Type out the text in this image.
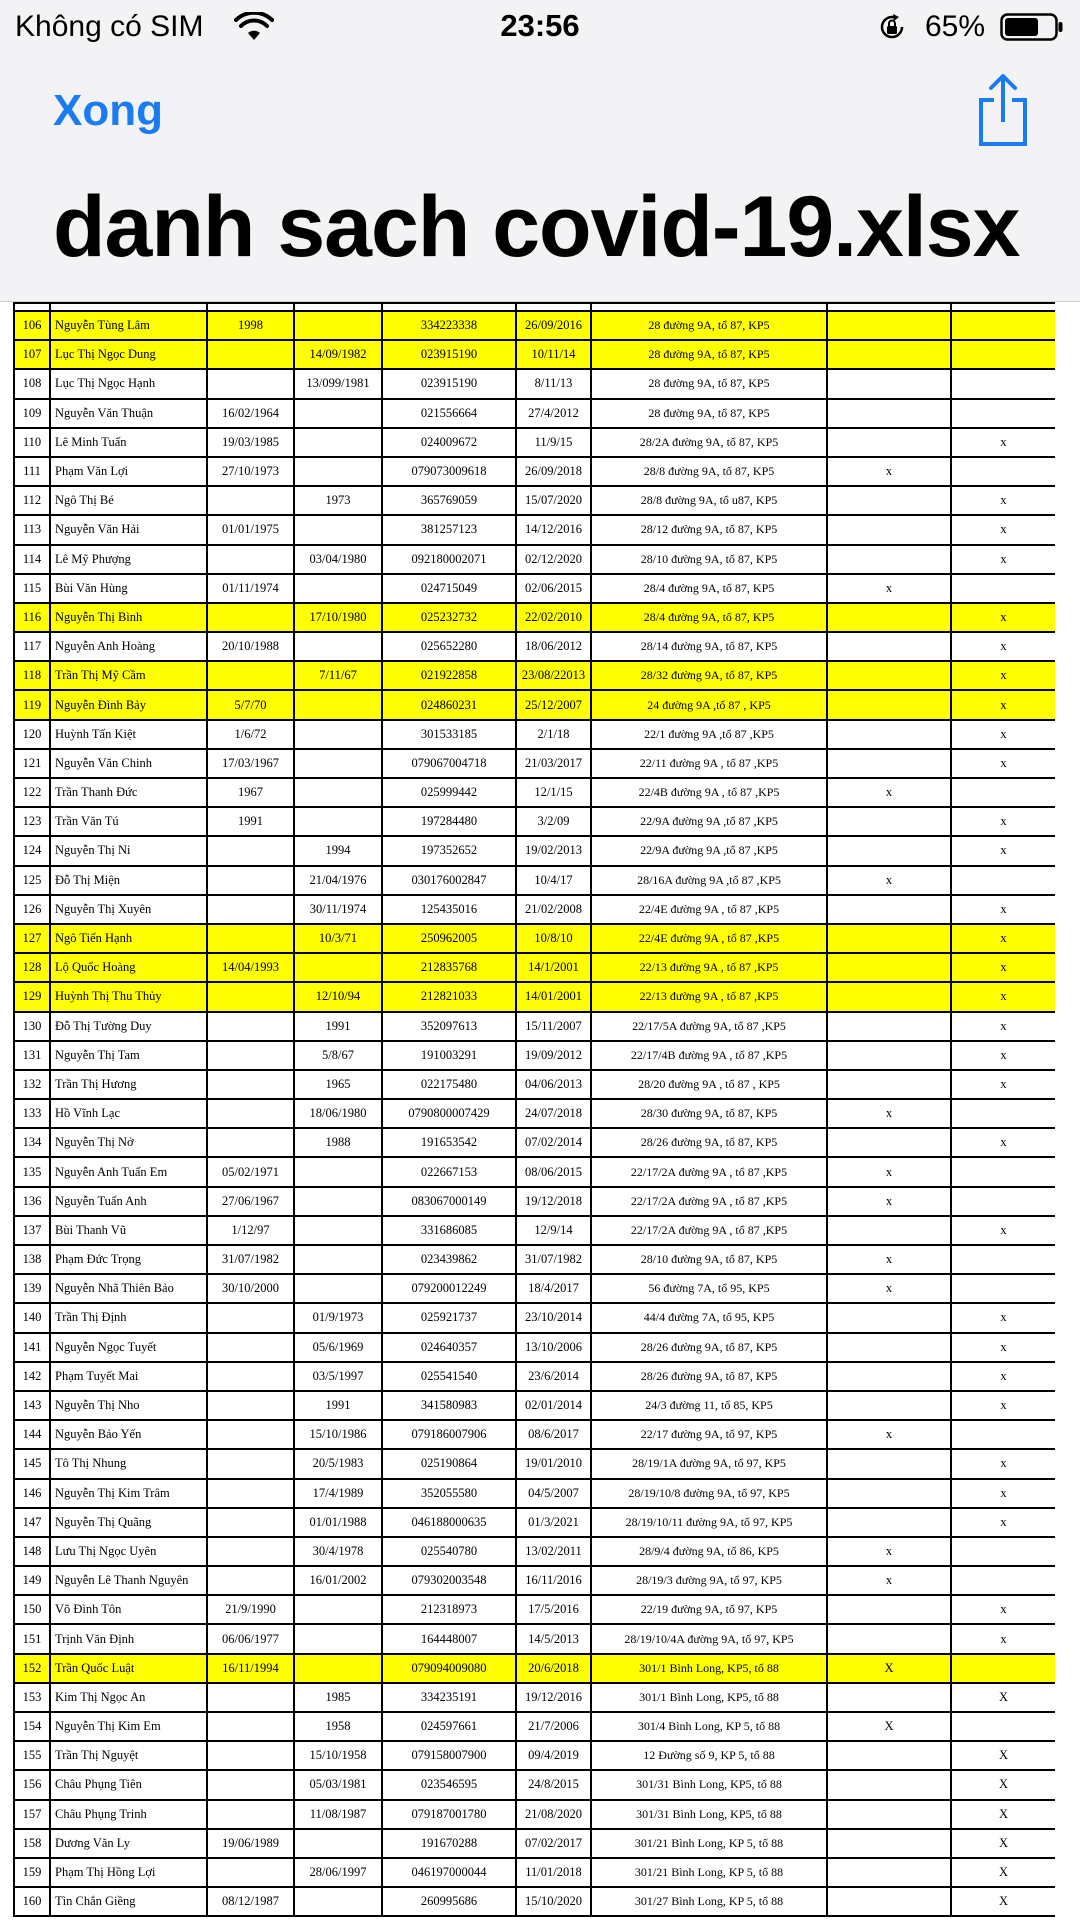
Không có SIM	23:56	65%
Xong
danh sach covid-19.xlsx

106	Nguyễn Tùng Lâm	1998		334223338	26/09/2016	28 đường 9A, tổ 87, KP5		
107	Lục Thị Ngọc Dung		14/09/1982	023915190	10/11/14	28 đường 9A, tổ 87, KP5		
108	Lục Thị Ngọc Hạnh		13/099/1981	023915190	8/11/13	28 đường 9A, tổ 87, KP5		
109	Nguyễn Văn Thuận	16/02/1964		021556664	27/4/2012	28 đường 9A, tổ 87, KP5		
110	Lê Minh Tuấn	19/03/1985		024009672	11/9/15	28/2A đường 9A, tổ 87, KP5		x
111	Phạm Văn Lợi	27/10/1973		079073009618	26/09/2018	28/8 đường 9A, tổ 87, KP5	x	
112	Ngô Thị Bé		1973	365769059	15/07/2020	28/8 đường 9A, tổ u87, KP5		x
113	Nguyễn Văn Hải	01/01/1975		381257123	14/12/2016	28/12 đường 9A, tổ 87, KP5		x
114	Lê Mỹ Phượng		03/04/1980	092180002071	02/12/2020	28/10 đường 9A, tổ 87, KP5		x
115	Bùi Văn Hùng	01/11/1974		024715049	02/06/2015	28/4 đường 9A, tổ 87, KP5	x	
116	Nguyễn Thị Bình		17/10/1980	025232732	22/02/2010	28/4 đường 9A, tổ 87, KP5		x
117	Nguyễn Anh Hoàng	20/10/1988		025652280	18/06/2012	28/14 đường 9A, tổ 87, KP5		x
118	Trần Thị Mỹ Cầm		7/11/67	021922858	23/08/22013	28/32 đường 9A, tổ 87, KP5		x
119	Nguyễn Đình Bảy	5/7/70		024860231	25/12/2007	24 đường 9A ,tổ 87 , KP5		x
120	Huỳnh Tấn Kiệt	1/6/72		301533185	2/1/18	22/1 đường 9A ,tổ 87 ,KP5		x
121	Nguyễn Văn Chinh	17/03/1967		079067004718	21/03/2017	22/11 đường 9A , tổ 87 ,KP5		x
122	Trần Thanh Đức	1967		025999442	12/1/15	22/4B đường 9A , tổ 87 ,KP5	x	
123	Trần Văn Tú	1991		197284480	3/2/09	22/9A đường 9A ,tổ 87 ,KP5		x
124	Nguyễn Thị Ni		1994	197352652	19/02/2013	22/9A đường 9A ,tổ 87 ,KP5		x
125	Đỗ Thị Miện		21/04/1976	030176002847	10/4/17	28/16A đường 9A ,tổ 87 ,KP5	x	
126	Nguyễn Thị Xuyên		30/11/1974	125435016	21/02/2008	22/4E đường 9A , tổ 87 ,KP5		x
127	Ngô Tiến Hạnh		10/3/71	250962005	10/8/10	22/4E đường 9A , tổ 87 ,KP5		x
128	Lộ Quốc Hoàng	14/04/1993		212835768	14/1/2001	22/13 đường 9A , tổ 87 ,KP5		x
129	Huỳnh Thị Thu Thủy		12/10/94	212821033	14/01/2001	22/13 đường 9A , tổ 87 ,KP5		x
130	Đỗ Thị Tường Duy		1991	352097613	15/11/2007	22/17/5A đường 9A, tổ 87 ,KP5		x
131	Nguyễn Thị Tam		5/8/67	191003291	19/09/2012	22/17/4B đường 9A , tổ 87 ,KP5		x
132	Trần Thị Hương		1965	022175480	04/06/2013	28/20 đường 9A , tổ 87 , KP5		x
133	Hồ Vĩnh Lạc		18/06/1980	0790800007429	24/07/2018	28/30 đường 9A, tổ 87, KP5	x	
134	Nguyễn Thị Nở		1988	191653542	07/02/2014	28/26 đường 9A, tổ 87, KP5		x
135	Nguyễn Anh Tuấn Em	05/02/1971		022667153	08/06/2015	22/17/2A đường 9A , tổ 87 ,KP5	x	
136	Nguyễn Tuấn Anh	27/06/1967		083067000149	19/12/2018	22/17/2A đường 9A , tổ 87 ,KP5	x	
137	Bùi Thanh Vũ	1/12/97		331686085	12/9/14	22/17/2A đường 9A , tổ 87 ,KP5		x
138	Phạm Đức Trọng	31/07/1982		023439862	31/07/1982	28/10 đường 9A, tổ 87, KP5	x	
139	Nguyễn Nhã Thiên Bảo	30/10/2000		079200012249	18/4/2017	56 đường 7A, tổ 95, KP5	x	
140	Trần Thị Định		01/9/1973	025921737	23/10/2014	44/4 đường 7A, tổ 95, KP5		x
141	Nguyễn Ngọc Tuyết		05/6/1969	024640357	13/10/2006	28/26 đường 9A, tổ 87, KP5		x
142	Phạm Tuyết Mai		03/5/1997	025541540	23/6/2014	28/26 đường 9A, tổ 87, KP5		x
143	Nguyễn Thị Nho		1991	341580983	02/01/2014	24/3 đường 11, tổ 85, KP5		x
144	Nguyễn Bảo Yến		15/10/1986	079186007906	08/6/2017	22/17 đường 9A, tổ 97, KP5	x	
145	Tô Thị Nhung		20/5/1983	025190864	19/01/2010	28/19/1A đường 9A, tổ 97, KP5		x
146	Nguyễn Thị Kim Trâm		17/4/1989	352055580	04/5/2007	28/19/10/8 đường 9A, tổ 97, KP5		x
147	Nguyễn Thị Quãng		01/01/1988	046188000635	01/3/2021	28/19/10/11 đường 9A, tổ 97, KP5		x
148	Lưu Thị Ngọc Uyên		30/4/1978	025540780	13/02/2011	28/9/4 đường 9A, tổ 86, KP5	x	
149	Nguyễn Lê Thanh Nguyên		16/01/2002	079302003548	16/11/2016	28/19/3 đường 9A, tổ 97, KP5	x	
150	Võ Đình Tôn	21/9/1990		212318973	17/5/2016	22/19 đường 9A, tổ 97, KP5		x
151	Trịnh Văn Định	06/06/1977		164448007	14/5/2013	28/19/10/4A đường 9A, tổ 97, KP5		x
152	Trần Quốc Luật	16/11/1994		079094009080	20/6/2018	301/1 Bình Long, KP5, tổ 88	X	
153	Kim Thị Ngọc An		1985	334235191	19/12/2016	301/1 Bình Long, KP5, tổ 88		X
154	Nguyễn Thị Kim Em		1958	024597661	21/7/2006	301/4 Bình Long, KP 5, tổ 88	X	
155	Trần Thị Nguyệt		15/10/1958	079158007900	09/4/2019	12 Đường số 9, KP 5, tổ 88		X
156	Châu Phụng Tiên		05/03/1981	023546595	24/8/2015	301/31 Bình Long, KP5, tổ 88		X
157	Châu Phụng Trinh		11/08/1987	079187001780	21/08/2020	301/31 Bình Long, KP5, tổ 88		X
158	Dương Văn Ly	19/06/1989		191670288	07/02/2017	301/21 Bình Long, KP 5, tổ 88		X
159	Phạm Thị Hồng Lợi		28/06/1997	046197000044	11/01/2018	301/21 Bình Long, KP 5, tổ 88		X
160	Tìn Chắn Giềng	08/12/1987		260995686	15/10/2020	301/27 Bình Long, KP 5, tổ 88		X
